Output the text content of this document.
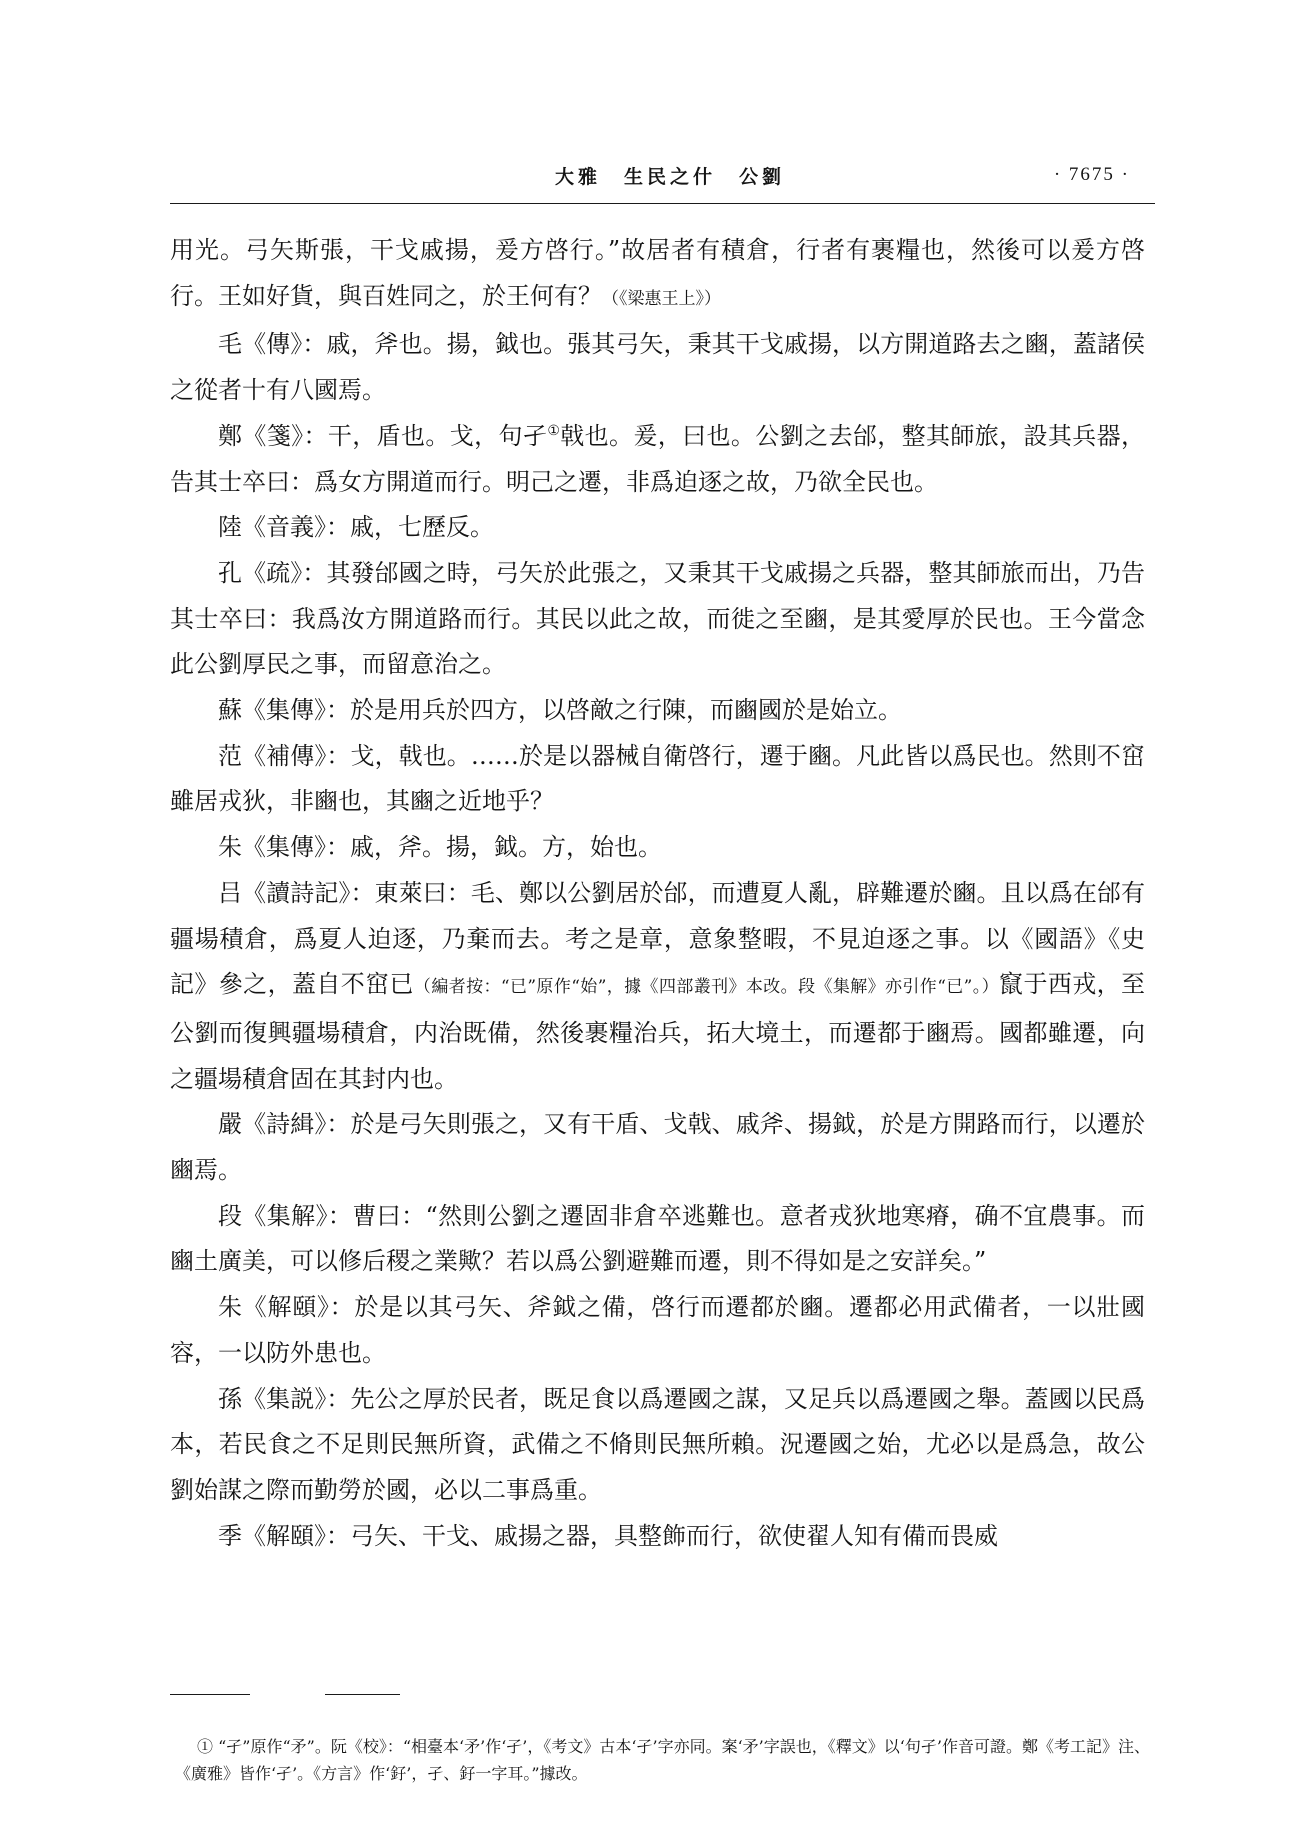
大雅　生民之什　公劉	· 7675 ·

用光。弓矢斯張，干戈戚揚，爰方啓行。”故居者有積倉，行者有裹糧也，然後可以爰方啓行。王如好貨，與百姓同之，於王何有？（《梁惠王上》）

毛《傳》：戚，斧也。揚，鉞也。張其弓矢，秉其干戈戚揚，以方開道路去之豳，蓋諸侯之從者十有八國焉。

鄭《箋》：干，盾也。戈，句孑①戟也。爰，曰也。公劉之去邰，整其師旅，設其兵器，告其士卒曰：爲女方開道而行。明己之遷，非爲迫逐之故，乃欲全民也。

陸《音義》：戚，七歷反。

孔《疏》：其發邰國之時，弓矢於此張之，又秉其干戈戚揚之兵器，整其師旅而出，乃告其士卒曰：我爲汝方開道路而行。其民以此之故，而徙之至豳，是其愛厚於民也。王今當念此公劉厚民之事，而留意治之。

蘇《集傳》：於是用兵於四方，以啓敵之行陳，而豳國於是始立。

范《補傳》：戈，戟也。……於是以器械自衛啓行，遷于豳。凡此皆以爲民也。然則不窋雖居戎狄，非豳也，其豳之近地乎？

朱《集傳》：戚，斧。揚，鉞。方，始也。

吕《讀詩記》：東萊曰：毛、鄭以公劉居於邰，而遭夏人亂，辟難遷於豳。且以爲在邰有疆場積倉，爲夏人迫逐，乃棄而去。考之是章，意象整暇，不見迫逐之事。以《國語》《史記》參之，蓋自不窋已（編者按：“已”原作“始”，據《四部叢刊》本改。段《集解》亦引作“已”。）竄于西戎，至公劉而復興疆場積倉，内治既備，然後裹糧治兵，拓大境土，而遷都于豳焉。國都雖遷，向之疆場積倉固在其封内也。

嚴《詩緝》：於是弓矢則張之，又有干盾、戈戟、戚斧、揚鉞，於是方開路而行，以遷於豳焉。

段《集解》：曹曰：“然則公劉之遷固非倉卒逃難也。意者戎狄地寒瘠，确不宜農事。而豳土廣美，可以修后稷之業歟？若以爲公劉避難而遷，則不得如是之安詳矣。”

朱《解頤》：於是以其弓矢、斧鉞之備，啓行而遷都於豳。遷都必用武備者，一以壯國容，一以防外患也。

孫《集説》：先公之厚於民者，既足食以爲遷國之謀，又足兵以爲遷國之舉。蓋國以民爲本，若民食之不足則民無所資，武備之不脩則民無所賴。況遷國之始，尤必以是爲急，故公劉始謀之際而勤勞於國，必以二事爲重。

季《解頤》：弓矢、干戈、戚揚之器，具整飾而行，欲使翟人知有備而畏威

① “孑”原作“矛”。阮《校》：“相臺本‘矛’作‘孑’，《考文》古本‘孑’字亦同。案‘矛’字誤也，《釋文》以‘句孑’作音可證。鄭《考工記》注、《廣雅》皆作‘孑’。《方言》作‘釨’，孑、釨一字耳。”據改。
